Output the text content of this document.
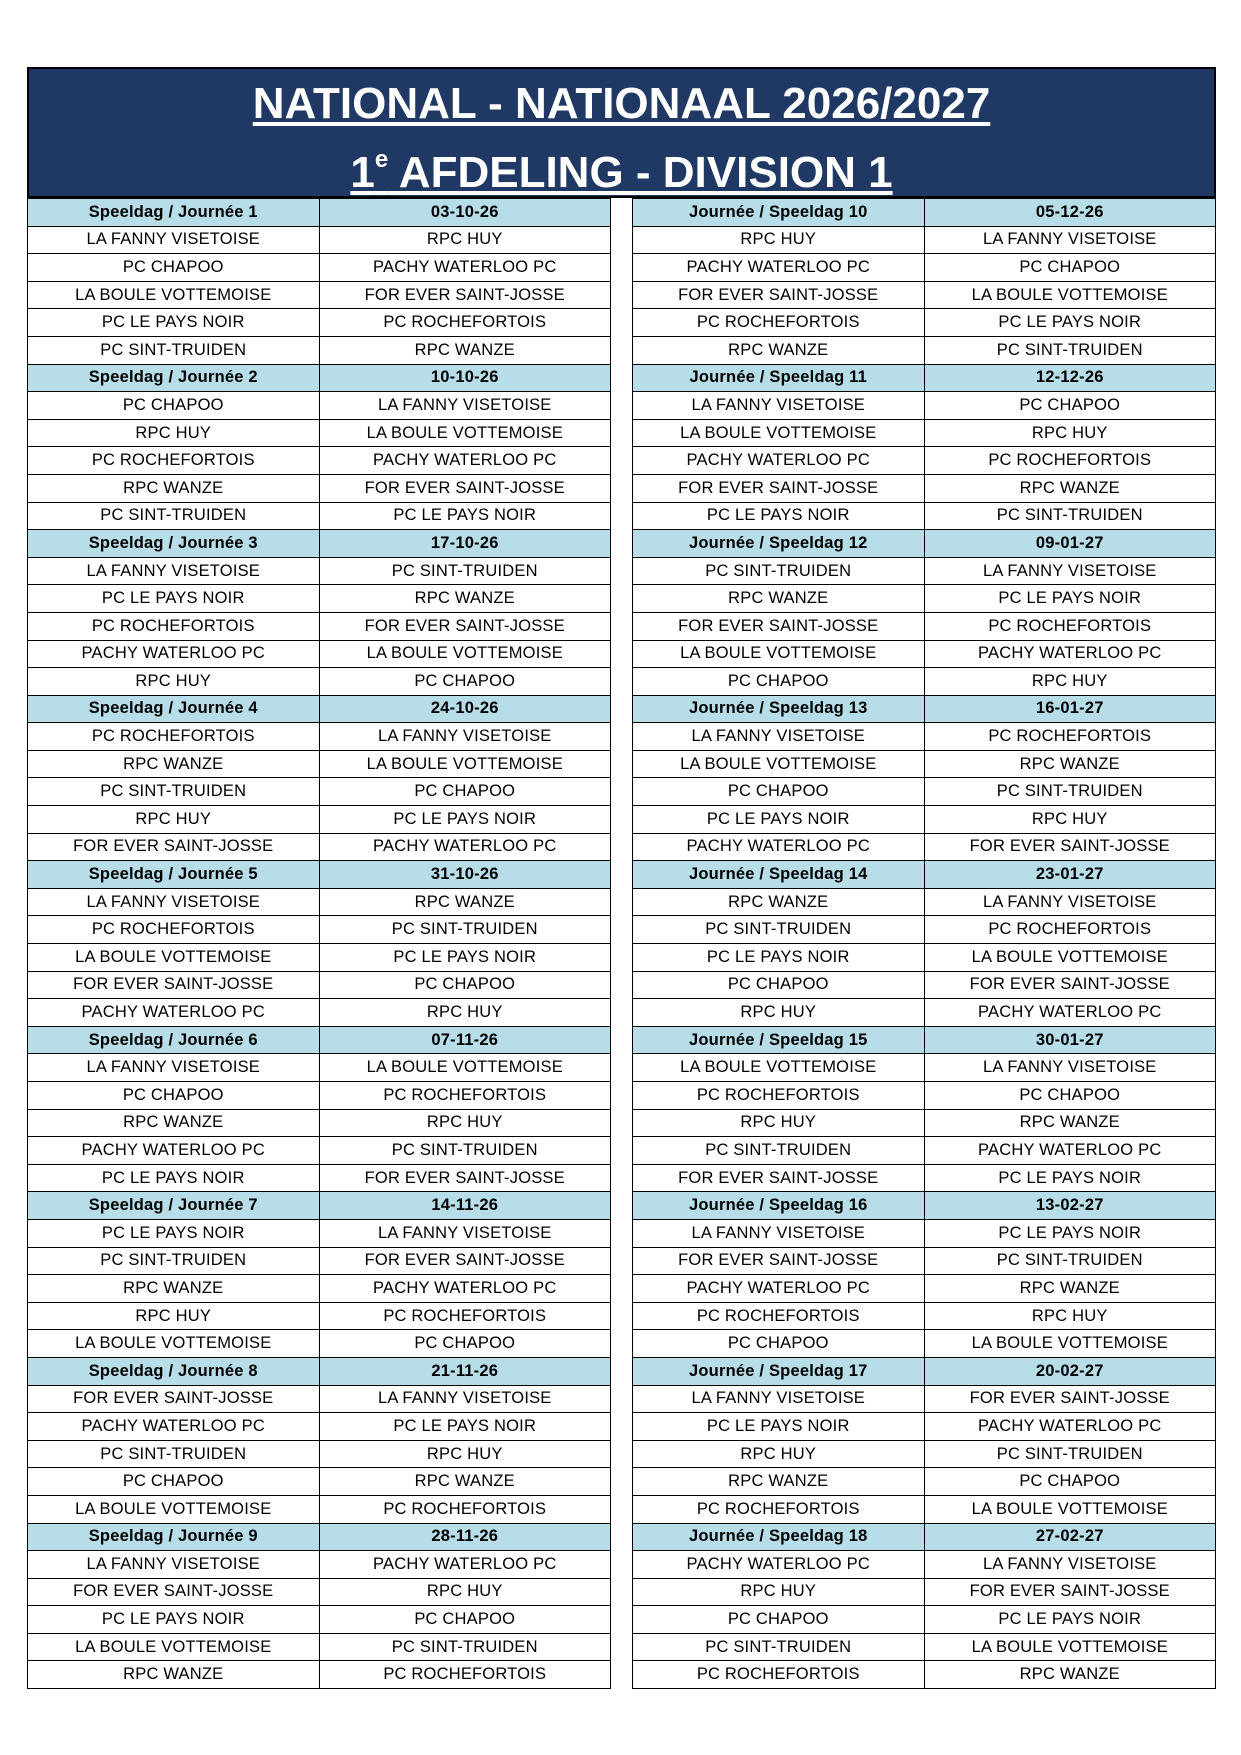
NATIONAL - NATIONAAL 2026/2027
1e AFDELING - DIVISION 1
Speeldag / Journée 1	03-10-26
LA FANNY VISETOISE	RPC HUY
PC CHAPOO	PACHY WATERLOO PC
LA BOULE VOTTEMOISE	FOR EVER SAINT-JOSSE
PC LE PAYS NOIR	PC ROCHEFORTOIS
PC SINT-TRUIDEN	RPC WANZE
Speeldag / Journée 2	10-10-26
PC CHAPOO	LA FANNY VISETOISE
RPC HUY	LA BOULE VOTTEMOISE
PC ROCHEFORTOIS	PACHY WATERLOO PC
RPC WANZE	FOR EVER SAINT-JOSSE
PC SINT-TRUIDEN	PC LE PAYS NOIR
Speeldag / Journée 3	17-10-26
LA FANNY VISETOISE	PC SINT-TRUIDEN
PC LE PAYS NOIR	RPC WANZE
PC ROCHEFORTOIS	FOR EVER SAINT-JOSSE
PACHY WATERLOO PC	LA BOULE VOTTEMOISE
RPC HUY	PC CHAPOO
Speeldag / Journée 4	24-10-26
PC ROCHEFORTOIS	LA FANNY VISETOISE
RPC WANZE	LA BOULE VOTTEMOISE
PC SINT-TRUIDEN	PC CHAPOO
RPC HUY	PC LE PAYS NOIR
FOR EVER SAINT-JOSSE	PACHY WATERLOO PC
Speeldag / Journée 5	31-10-26
LA FANNY VISETOISE	RPC WANZE
PC ROCHEFORTOIS	PC SINT-TRUIDEN
LA BOULE VOTTEMOISE	PC LE PAYS NOIR
FOR EVER SAINT-JOSSE	PC CHAPOO
PACHY WATERLOO PC	RPC HUY
Speeldag / Journée 6	07-11-26
LA FANNY VISETOISE	LA BOULE VOTTEMOISE
PC CHAPOO	PC ROCHEFORTOIS
RPC WANZE	RPC HUY
PACHY WATERLOO PC	PC SINT-TRUIDEN
PC LE PAYS NOIR	FOR EVER SAINT-JOSSE
Speeldag / Journée 7	14-11-26
PC LE PAYS NOIR	LA FANNY VISETOISE
PC SINT-TRUIDEN	FOR EVER SAINT-JOSSE
RPC WANZE	PACHY WATERLOO PC
RPC HUY	PC ROCHEFORTOIS
LA BOULE VOTTEMOISE	PC CHAPOO
Speeldag / Journée 8	21-11-26
FOR EVER SAINT-JOSSE	LA FANNY VISETOISE
PACHY WATERLOO PC	PC LE PAYS NOIR
PC SINT-TRUIDEN	RPC HUY
PC CHAPOO	RPC WANZE
LA BOULE VOTTEMOISE	PC ROCHEFORTOIS
Speeldag / Journée 9	28-11-26
LA FANNY VISETOISE	PACHY WATERLOO PC
FOR EVER SAINT-JOSSE	RPC HUY
PC LE PAYS NOIR	PC CHAPOO
LA BOULE VOTTEMOISE	PC SINT-TRUIDEN
RPC WANZE	PC ROCHEFORTOIS
Journée / Speeldag 10	05-12-26
RPC HUY	LA FANNY VISETOISE
PACHY WATERLOO PC	PC CHAPOO
FOR EVER SAINT-JOSSE	LA BOULE VOTTEMOISE
PC ROCHEFORTOIS	PC LE PAYS NOIR
RPC WANZE	PC SINT-TRUIDEN
Journée / Speeldag 11	12-12-26
LA FANNY VISETOISE	PC CHAPOO
LA BOULE VOTTEMOISE	RPC HUY
PACHY WATERLOO PC	PC ROCHEFORTOIS
FOR EVER SAINT-JOSSE	RPC WANZE
PC LE PAYS NOIR	PC SINT-TRUIDEN
Journée / Speeldag 12	09-01-27
PC SINT-TRUIDEN	LA FANNY VISETOISE
RPC WANZE	PC LE PAYS NOIR
FOR EVER SAINT-JOSSE	PC ROCHEFORTOIS
LA BOULE VOTTEMOISE	PACHY WATERLOO PC
PC CHAPOO	RPC HUY
Journée / Speeldag 13	16-01-27
LA FANNY VISETOISE	PC ROCHEFORTOIS
LA BOULE VOTTEMOISE	RPC WANZE
PC CHAPOO	PC SINT-TRUIDEN
PC LE PAYS NOIR	RPC HUY
PACHY WATERLOO PC	FOR EVER SAINT-JOSSE
Journée / Speeldag 14	23-01-27
RPC WANZE	LA FANNY VISETOISE
PC SINT-TRUIDEN	PC ROCHEFORTOIS
PC LE PAYS NOIR	LA BOULE VOTTEMOISE
PC CHAPOO	FOR EVER SAINT-JOSSE
RPC HUY	PACHY WATERLOO PC
Journée / Speeldag 15	30-01-27
LA BOULE VOTTEMOISE	LA FANNY VISETOISE
PC ROCHEFORTOIS	PC CHAPOO
RPC HUY	RPC WANZE
PC SINT-TRUIDEN	PACHY WATERLOO PC
FOR EVER SAINT-JOSSE	PC LE PAYS NOIR
Journée / Speeldag 16	13-02-27
LA FANNY VISETOISE	PC LE PAYS NOIR
FOR EVER SAINT-JOSSE	PC SINT-TRUIDEN
PACHY WATERLOO PC	RPC WANZE
PC ROCHEFORTOIS	RPC HUY
PC CHAPOO	LA BOULE VOTTEMOISE
Journée / Speeldag 17	20-02-27
LA FANNY VISETOISE	FOR EVER SAINT-JOSSE
PC LE PAYS NOIR	PACHY WATERLOO PC
RPC HUY	PC SINT-TRUIDEN
RPC WANZE	PC CHAPOO
PC ROCHEFORTOIS	LA BOULE VOTTEMOISE
Journée / Speeldag 18	27-02-27
PACHY WATERLOO PC	LA FANNY VISETOISE
RPC HUY	FOR EVER SAINT-JOSSE
PC CHAPOO	PC LE PAYS NOIR
PC SINT-TRUIDEN	LA BOULE VOTTEMOISE
PC ROCHEFORTOIS	RPC WANZE
